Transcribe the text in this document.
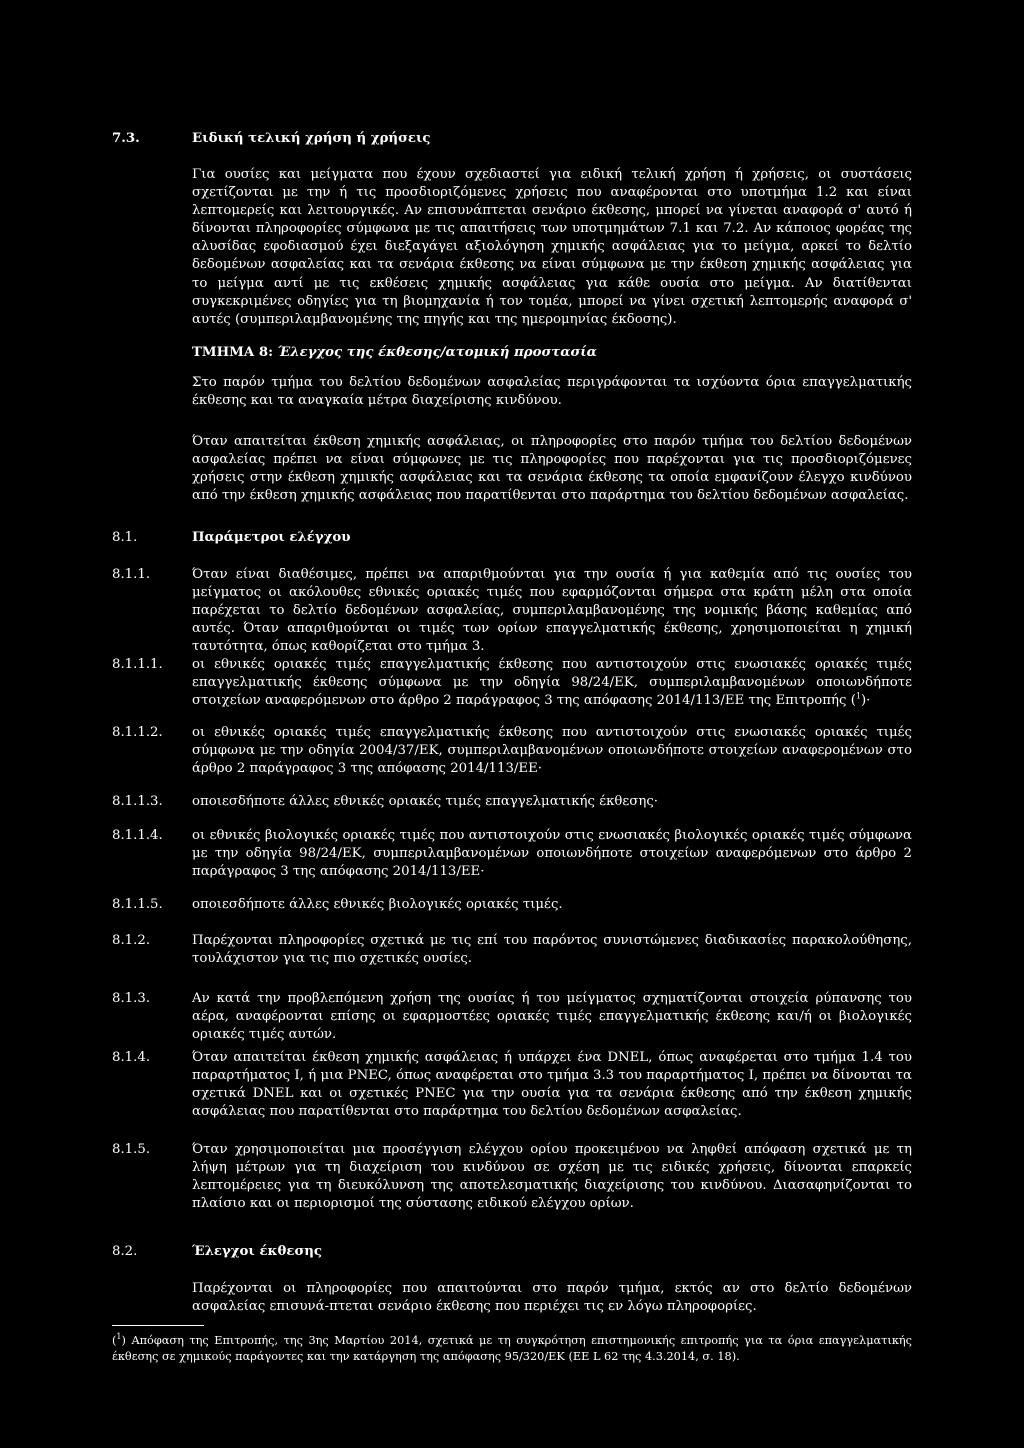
7.3.	Ειδική τελική χρήση ή χρήσεις
Για ουσίες και μείγματα που έχουν σχεδιαστεί για ειδική τελική χρήση ή χρήσεις, οι συστάσεις σχετίζονται με την ή τις προσδιοριζόμενες χρήσεις που αναφέρονται στο υποτμήμα 1.2 και είναι λεπτομερείς και λειτουργικές. Αν επισυνάπτεται σενάριο έκθεσης, μπορεί να γίνεται αναφορά σ' αυτό ή δίνονται πληροφορίες σύμφωνα με τις απαιτήσεις των υποτμημάτων 7.1 και 7.2. Αν κάποιος φορέας της αλυσίδας εφοδιασμού έχει διεξαγάγει αξιολόγηση χημικής ασφάλειας για το μείγμα, αρκεί το δελτίο δεδομένων ασφαλείας και τα σενάρια έκθεσης να είναι σύμφωνα με την έκθεση χημικής ασφάλειας για το μείγμα αντί με τις εκθέσεις χημικής ασφάλειας για κάθε ουσία στο μείγμα. Αν διατίθενται συγκεκριμένες οδηγίες για τη βιομηχανία ή τον τομέα, μπορεί να γίνει σχετική λεπτομερής αναφορά σ' αυτές (συμπεριλαμβανομένης της πηγής και της ημερομηνίας έκδοσης).
ΤΜΗΜΑ 8: Έλεγχος της έκθεσης/ατομική προστασία
Στο παρόν τμήμα του δελτίου δεδομένων ασφαλείας περιγράφονται τα ισχύοντα όρια επαγγελματικής έκθεσης και τα αναγκαία μέτρα διαχείρισης κινδύνου.
Όταν απαιτείται έκθεση χημικής ασφάλειας, οι πληροφορίες στο παρόν τμήμα του δελτίου δεδομένων ασφαλείας πρέπει να είναι σύμφωνες με τις πληροφορίες που παρέχονται για τις προσδιοριζόμενες χρήσεις στην έκθεση χημικής ασφάλειας και τα σενάρια έκθεσης τα οποία εμφανίζουν έλεγχο κινδύνου από την έκθεση χημικής ασφάλειας που παρατίθενται στο παράρτημα του δελτίου δεδομένων ασφαλείας.
8.1.	Παράμετροι ελέγχου
8.1.1.	Όταν είναι διαθέσιμες, πρέπει να απαριθμούνται για την ουσία ή για καθεμία από τις ουσίες του μείγματος οι ακόλουθες εθνικές οριακές τιμές που εφαρμόζονται σήμερα στα κράτη μέλη στα οποία παρέχεται το δελτίο δεδομένων ασφαλείας, συμπεριλαμβανομένης της νομικής βάσης καθεμίας από αυτές. Όταν απαριθμούνται οι τιμές των ορίων επαγγελματικής έκθεσης, χρησιμοποιείται η χημική ταυτότητα, όπως καθορίζεται στο τμήμα 3.
8.1.1.1. οι εθνικές οριακές τιμές επαγγελματικής έκθεσης που αντιστοιχούν στις ενωσιακές οριακές τιμές επαγγελματικής έκθεσης σύμφωνα με την οδηγία 98/24/ΕΚ, συμπεριλαμβανομένων οποιωνδήποτε στοιχείων αναφερόμενων στο άρθρο 2 παράγραφος 3 της απόφασης 2014/113/ΕΕ της Επιτροπής ($^1$)·
8.1.1.2. οι εθνικές οριακές τιμές επαγγελματικής έκθεσης που αντιστοιχούν στις ενωσιακές οριακές τιμές σύμφωνα με την οδηγία 2004/37/ΕΚ, συμπεριλαμβανομένων οποιωνδήποτε στοιχείων αναφερομένων στο άρθρο 2 παράγραφος 3 της απόφασης 2014/113/ΕΕ·
8.1.1.3. οποιεσδήποτε άλλες εθνικές οριακές τιμές επαγγελματικής έκθεσης·
8.1.1.4. οι εθνικές βιολογικές οριακές τιμές που αντιστοιχούν στις ενωσιακές βιολογικές οριακές τιμές σύμφωνα με την οδηγία 98/24/ΕΚ, συμπεριλαμβανομένων οποιωνδήποτε στοιχείων αναφερόμενων στο άρθρο 2 παράγραφος 3 της απόφασης 2014/113/ΕΕ·
8.1.1.5. οποιεσδήποτε άλλες εθνικές βιολογικές οριακές τιμές.
8.1.2.	Παρέχονται πληροφορίες σχετικά με τις επί του παρόντος συνιστώμενες διαδικασίες παρακολούθησης, τουλάχιστον για τις πιο σχετικές ουσίες.
8.1.3.	Αν κατά την προβλεπόμενη χρήση της ουσίας ή του μείγματος σχηματίζονται στοιχεία ρύπανσης του αέρα, αναφέρονται επίσης οι εφαρμοστέες οριακές τιμές επαγγελματικής έκθεσης και/ή οι βιολογικές οριακές τιμές αυτών.
8.1.4.	Όταν απαιτείται έκθεση χημικής ασφάλειας ή υπάρχει ένα DNEL, όπως αναφέρεται στο τμήμα 1.4 του παραρτήματος Ι, ή μια PNEC, όπως αναφέρεται στο τμήμα 3.3 του παραρτήματος Ι, πρέπει να δίνονται τα σχετικά DNEL και οι σχετικές PNEC για την ουσία για τα σενάρια έκθεσης από την έκθεση χημικής ασφάλειας που παρατίθενται στο παράρτημα του δελτίου δεδομένων ασφαλείας.
8.1.5.	Όταν χρησιμοποιείται μια προσέγγιση ελέγχου ορίου προκειμένου να ληφθεί απόφαση σχετικά με τη λήψη μέτρων για τη διαχείριση του κινδύνου σε σχέση με τις ειδικές χρήσεις, δίνονται επαρκείς λεπτομέρειες για τη διευκόλυνση της αποτελεσματικής διαχείρισης του κινδύνου. Διασαφηνίζονται το πλαίσιο και οι περιορισμοί της σύστασης ειδικού ελέγχου ορίων.
8.2.	Έλεγχοι έκθεσης
Παρέχονται οι πληροφορίες που απαιτούνται στο παρόν τμήμα, εκτός αν στο δελτίο δεδομένων ασφαλείας επισυνά-πτεται σενάριο έκθεσης που περιέχει τις εν λόγω πληροφορίες.
($^1$) Απόφαση της Επιτροπής, της 3ης Μαρτίου 2014, σχετικά με τη συγκρότηση επιστημονικής επιτροπής για τα όρια επαγγελματικής έκθεσης σε χημικούς παράγοντες και την κατάργηση της απόφασης 95/320/ΕΚ (ΕΕ L 62 της 4.3.2014, σ. 18).
